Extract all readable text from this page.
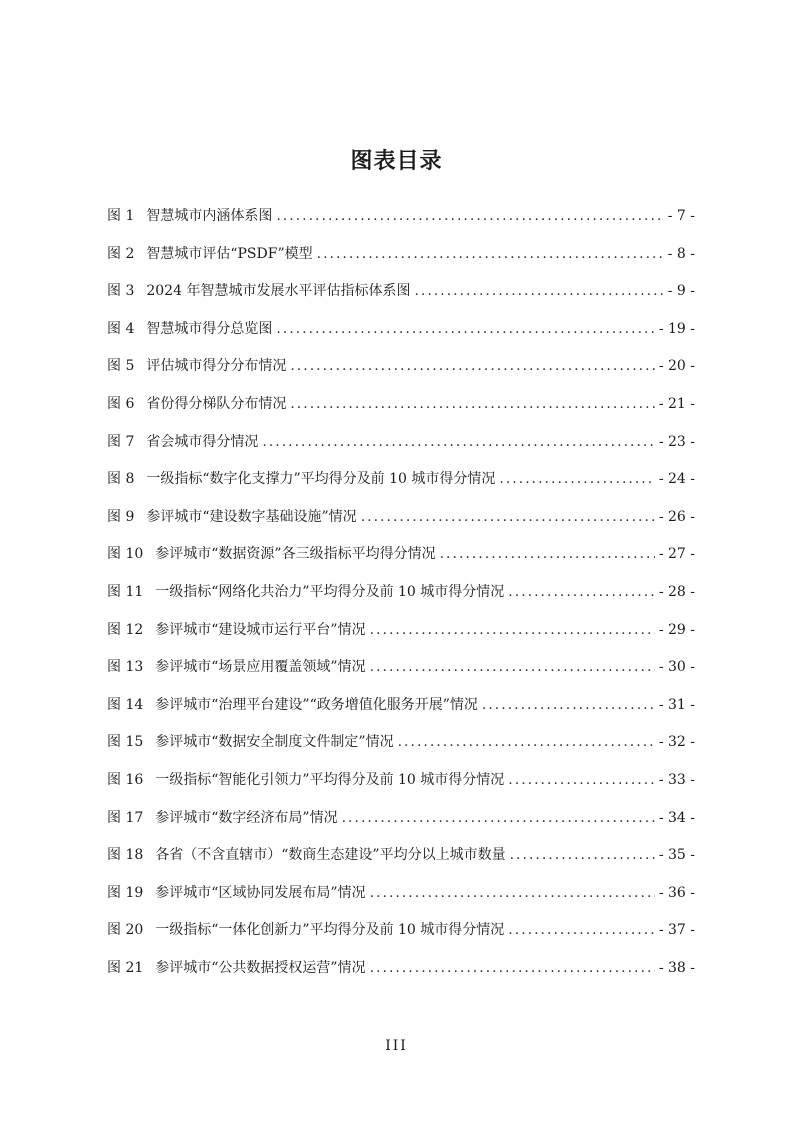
图表目录
图 1 智慧城市内涵体系图 .....	- 7 -
图 2 智慧城市评估“PSDF”模型 .....	- 8 -
图 3 2024 年智慧城市发展水平评估指标体系图 .....	- 9 -
图 4 智慧城市得分总览图 .....	- 19 -
图 5 评估城市得分分布情况 .....	- 20 -
图 6 省份得分梯队分布情况 .....	- 21 -
图 7 省会城市得分情况 .....	- 23 -
图 8 一级指标“数字化支撑力”平均得分及前 10 城市得分情况 .....	- 24 -
图 9 参评城市“建设数字基础设施”情况 .....	- 26 -
图 10 参评城市“数据资源”各三级指标平均得分情况 .....	- 27 -
图 11 一级指标“网络化共治力”平均得分及前 10 城市得分情况 .....	- 28 -
图 12 参评城市“建设城市运行平台”情况 .....	- 29 -
图 13 参评城市“场景应用覆盖领域”情况 .....	- 30 -
图 14 参评城市“治理平台建设”“政务增值化服务开展”情况 .....	- 31 -
图 15 参评城市“数据安全制度文件制定”情况 .....	- 32 -
图 16 一级指标“智能化引领力”平均得分及前 10 城市得分情况 .....	- 33 -
图 17 参评城市“数字经济布局”情况 .....	- 34 -
图 18 各省（不含直辖市）“数商生态建设”平均分以上城市数量 .....	- 35 -
图 19 参评城市“区域协同发展布局”情况 .....	- 36 -
图 20 一级指标“一体化创新力”平均得分及前 10 城市得分情况 .....	- 37 -
图 21 参评城市“公共数据授权运营”情况 .....	- 38 -
III
